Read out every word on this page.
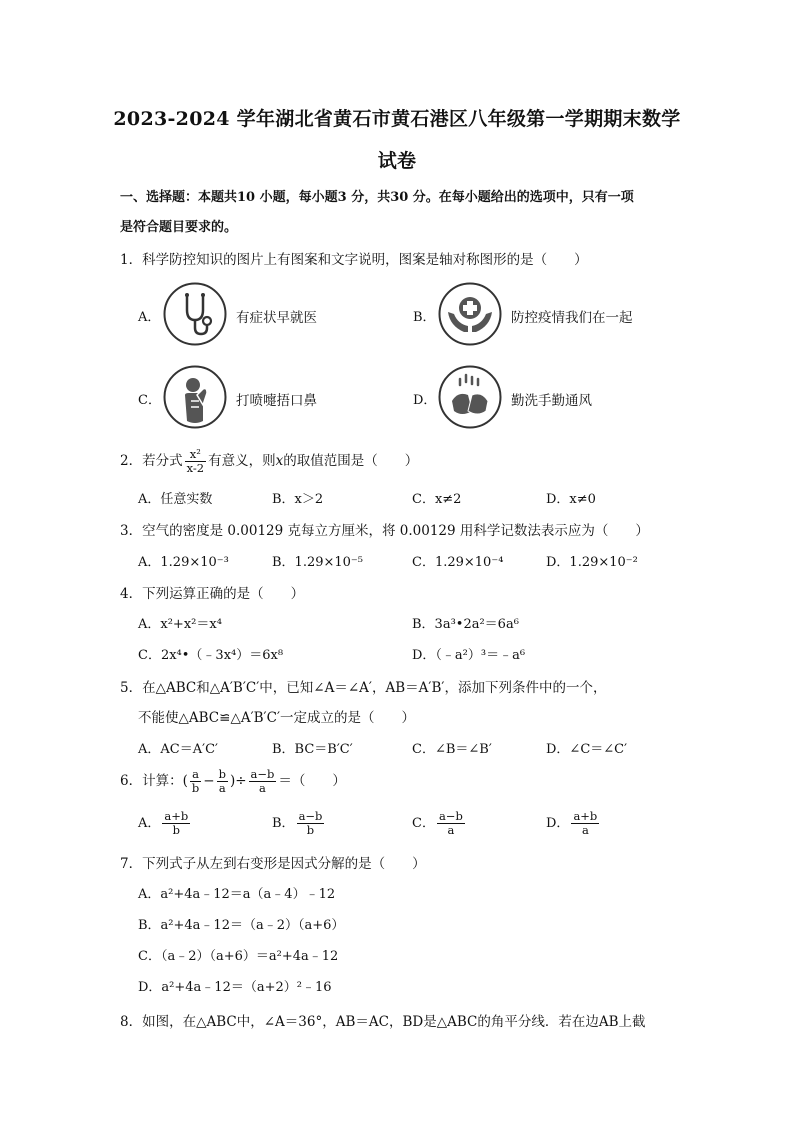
2023-2024 学年湖北省黄石市黄石港区八年级第一学期期末数学
试卷
一、选择题：本题共10 小题，每小题3 分，共30 分。在每小题给出的选项中，只有一项
是符合题目要求的。
1．科学防控知识的图片上有图案和文字说明，图案是轴对称图形的是（　　）
A．	有症状早就医	B．	防控疫情我们在一起
C．	打喷嚏捂口鼻	D．	勤洗手勤通风
2．若分式 $\frac{\text{x²}}{x-2}$ 有意义，则x的取值范围是（　　）
A．任意实数	B．x＞2	C．x≠2	D．x≠0
3．空气的密度是 0.00129 克每立方厘米，将 0.00129 用科学记数法表示应为（　　）
A．1.29×10⁻³	B．1.29×10⁻⁵	C．1.29×10⁻⁴	D．1.29×10⁻²
4．下列运算正确的是（　　）
A．x²+x²＝x⁴	B．3a³•2a²＝6a⁶
C．2x⁴•（﹣3x⁴）＝6x⁸	D．（﹣a²）³＝﹣a⁶
5．在△ABC和△A′B′C′中，已知∠A＝∠A′，AB＝A′B′，添加下列条件中的一个，
不能使△ABC≌△A′B′C′一定成立的是（　　）
A．AC＝A′C′	B．BC＝B′C′	C．∠B＝∠B′	D．∠C＝∠C′
6．计算：( $\frac{a}{b} - \frac{b}{a}$ )÷ $\frac{a-b}{a}$ ＝（　　）
A． $\frac{a+b}{b}$	B． $\frac{a-b}{b}$	C． $\frac{a-b}{a}$	D． $\frac{a+b}{a}$
7．下列式子从左到右变形是因式分解的是（　　）
A．a²+4a﹣12＝a（a﹣4）﹣12
B．a²+4a﹣12＝（a﹣2）（a+6）
C．（a﹣2）（a+6）＝a²+4a﹣12
D．a²+4a﹣12＝（a+2）²﹣16
8．如图，在△ABC中，∠A＝36°，AB＝AC，BD是△ABC的角平分线．若在边AB上截
